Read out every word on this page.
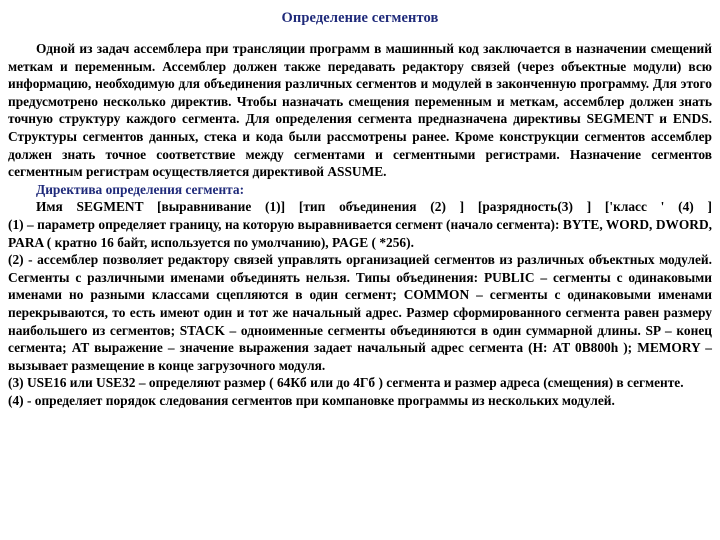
Определение сегментов

Одной из задач ассемблера при трансляции программ в машинный код заключается в назначении смещений меткам и переменным. Ассемблер должен также передавать редактору связей (через объектные модули) всю информацию, необходимую для объединения различных сегментов и модулей в законченную программу. Для этого предусмотрено несколько директив. Чтобы назначать смещения переменным и меткам, ассемблер должен знать точную структуру каждого сегмента. Для определения сегмента предназначена директивы SEGMENT и ENDS. Структуры сегментов данных, стека и кода были рассмотрены ранее. Кроме конструкции сегментов ассемблер должен знать точное соответствие между сегментами и сегментными регистрами. Назначение сегментов сегментным регистрам осуществляется директивой ASSUME.

Директива определения сегмента:

Имя SEGMENT [выравнивание (1)] [тип объединения (2) ] [разрядность(3) ] ['класс ' (4) ]

(1) – параметр определяет границу, на которую выравнивается сегмент (начало сегмента): BYTE, WORD, DWORD, PARA ( кратно 16 байт, используется по умолчанию), PAGE ( *256).

(2) - ассемблер позволяет редактору связей управлять организацией сегментов из различных объектных модулей. Сегменты с различными именами объединять нельзя. Типы объединения: PUBLIC – сегменты с одинаковыми именами но разными классами сцепляются в один сегмент; COMMON – сегменты с одинаковыми именами перекрываются, то есть имеют один и тот же начальный адрес. Размер сформированного сегмента равен размеру наибольшего из сегментов; STACK – одноименные сегменты объединяются в один суммарной длины. SP – конец сегмента; AT выражение – значение выражения задает начальный адрес сегмента (Н: AT 0B800h ); MEMORY – вызывает размещение в конце загрузочного модуля.

(3) USE16 или USE32 – определяют размер ( 64Кб или до 4Гб ) сегмента и размер адреса (смещения) в сегменте.

(4) - определяет порядок следования сегментов при компановке программы из нескольких модулей.
